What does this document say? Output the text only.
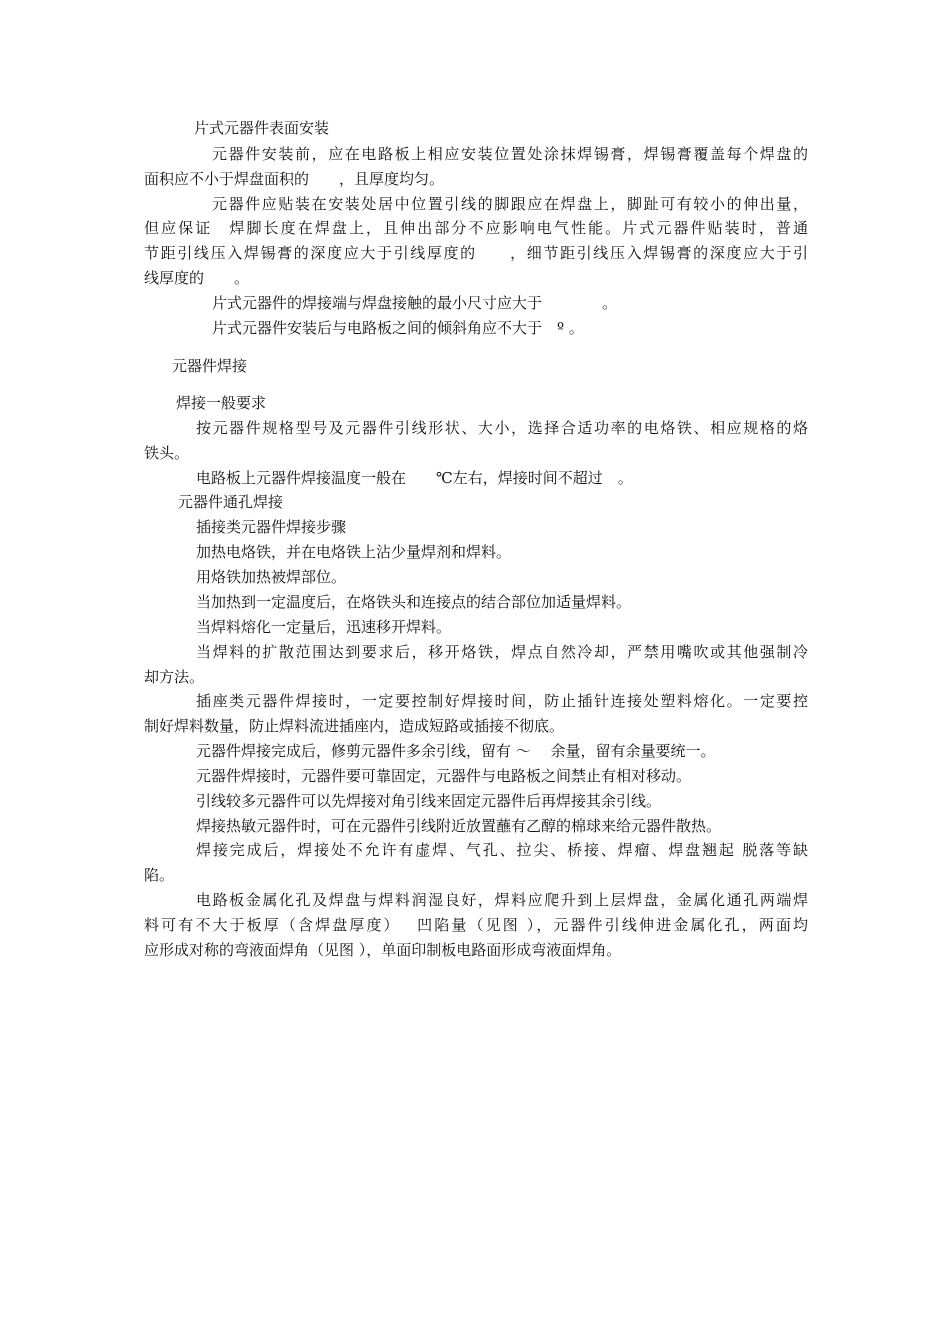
片式元器件表面安装
元器件安装前，应在电路板上相应安装位置处涂抹焊锡膏，焊锡膏覆盖每个焊盘的
面积应不小于焊盘面积的　　，且厚度均匀。
元器件应贴装在安装处居中位置引线的脚跟应在焊盘上，脚趾可有较小的伸出量，
但应保证　焊脚长度在焊盘上，且伸出部分不应影响电气性能。片式元器件贴装时，普通
节距引线压入焊锡膏的深度应大于引线厚度的　　，细节距引线压入焊锡膏的深度应大于引
线厚度的　　。
片式元器件的焊接端与焊盘接触的最小尺寸应大于　　　　。
片式元器件安装后与电路板之间的倾斜角应不大于　º 。
元器件焊接
焊接一般要求
按元器件规格型号及元器件引线形状、大小，选择合适功率的电烙铁、相应规格的烙
铁头。
电路板上元器件焊接温度一般在　　℃左右，焊接时间不超过　。
元器件通孔焊接
插接类元器件焊接步骤
加热电烙铁，并在电烙铁上沾少量焊剂和焊料。
用烙铁加热被焊部位。
当加热到一定温度后，在烙铁头和连接点的结合部位加适量焊料。
当焊料熔化一定量后，迅速移开焊料。
当焊料的扩散范围达到要求后，移开烙铁，焊点自然冷却，严禁用嘴吹或其他强制冷
却方法。
插座类元器件焊接时，一定要控制好焊接时间，防止插针连接处塑料熔化。一定要控
制好焊料数量，防止焊料流进插座内，造成短路或插接不彻底。
元器件焊接完成后，修剪元器件多余引线，留有 ～　 余量，留有余量要统一。
元器件焊接时，元器件要可靠固定，元器件与电路板之间禁止有相对移动。
引线较多元器件可以先焊接对角引线来固定元器件后再焊接其余引线。
焊接热敏元器件时，可在元器件引线附近放置蘸有乙醇的棉球来给元器件散热。
焊接完成后，焊接处不允许有虚焊、气孔、拉尖、桥接、焊瘤、焊盘翘起 脱落等缺
陷。
电路板金属化孔及焊盘与焊料润湿良好，焊料应爬升到上层焊盘，金属化通孔两端焊
料可有不大于板厚（含焊盘厚度）　 凹陷量（见图 ），元器件引线伸进金属化孔，两面均
应形成对称的弯液面焊角（见图 ），单面印制板电路面形成弯液面焊角。
